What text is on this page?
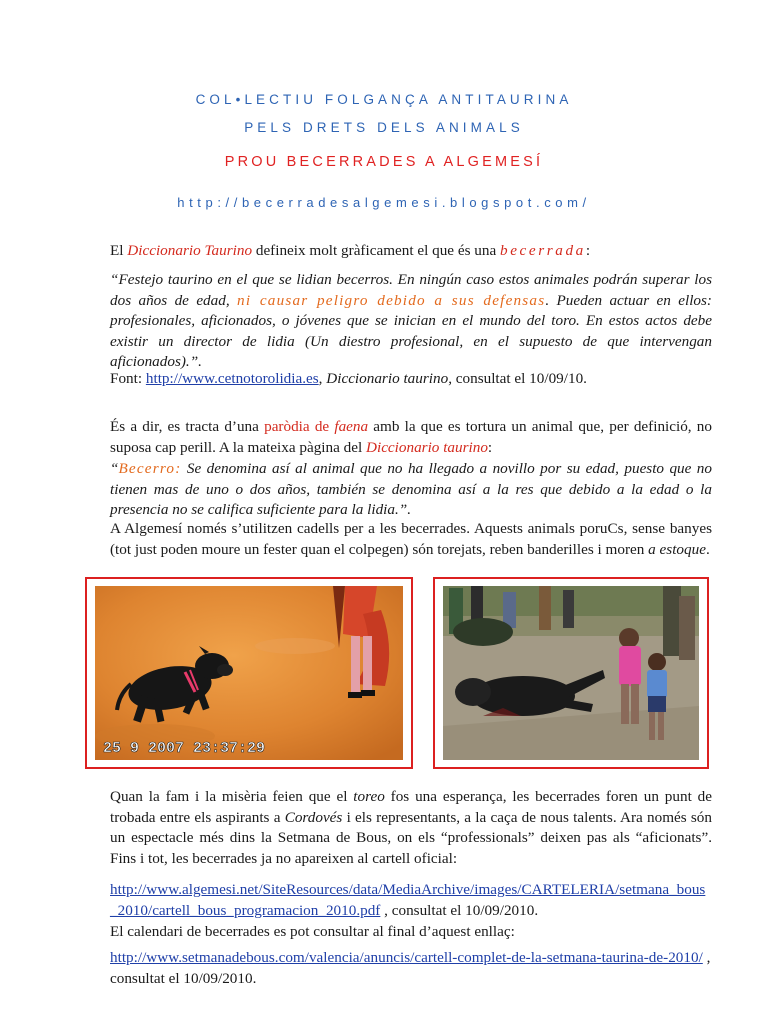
COL•LECTIU FOLGANÇA ANTITAURINA
PELS DRETS DELS ANIMALS
PROU BECERRADES A ALGEMESÍ
http://becerradesalgemesi.blogspot.com/
El Diccionario Taurino defineix molt gràficament el que és una becerrada:
“Festejo taurino en el que se lidian becerros. En ningún caso estos animales podrán superar los dos años de edad, ni causar peligro debido a sus defensas. Pueden actuar en ellos: profesionales, aficionados, o jóvenes que se inician en el mundo del toro. En estos actos debe existir un director de lidia (Un diestro profesional, en el supuesto de que intervengan aficionados).”.
Font: http://www.cetnotorolidia.es, Diccionario taurino, consultat el 10/09/10.
És a dir, es tracta d’una paròdia de faena amb la que es tortura un animal que, per definició, no suposa cap perill. A la mateixa pàgina del Diccionario taurino:
“Becerro: Se denomina así al animal que no ha llegado a novillo por su edad, puesto que no tienen mas de uno o dos años, también se denomina así a la res que debido a la edad o la presencia no se califica suficiente para la lidia.”.
A Algemesí només s’utilitzen cadells per a les becerrades. Aquests animals poruCs, sense banyes (tot just poden moure un fester quan el colpegen) són torejats, reben banderilles i moren a estoque.
25 9 2007 23:37:29
Quan la fam i la misèria feien que el toreo fos una esperança, les becerrades foren un punt de trobada entre els aspirants a Cordovés i els representants, a la caça de nous talents. Ara només són un espectacle més dins la Setmana de Bous, on els “professionals” deixen pas als “aficionats”. Fins i tot, les becerrades ja no apareixen al cartell oficial:
http://www.algemesi.net/SiteResources/data/MediaArchive/images/CARTELERIA/setmana_bous_2010/cartell_bous_programacion_2010.pdf , consultat el 10/09/2010.
El calendari de becerrades es pot consultar al final d’aquest enllaç:
http://www.setmanadebous.com/valencia/anuncis/cartell-complet-de-la-setmana-taurina-de-2010/ , consultat el 10/09/2010.
